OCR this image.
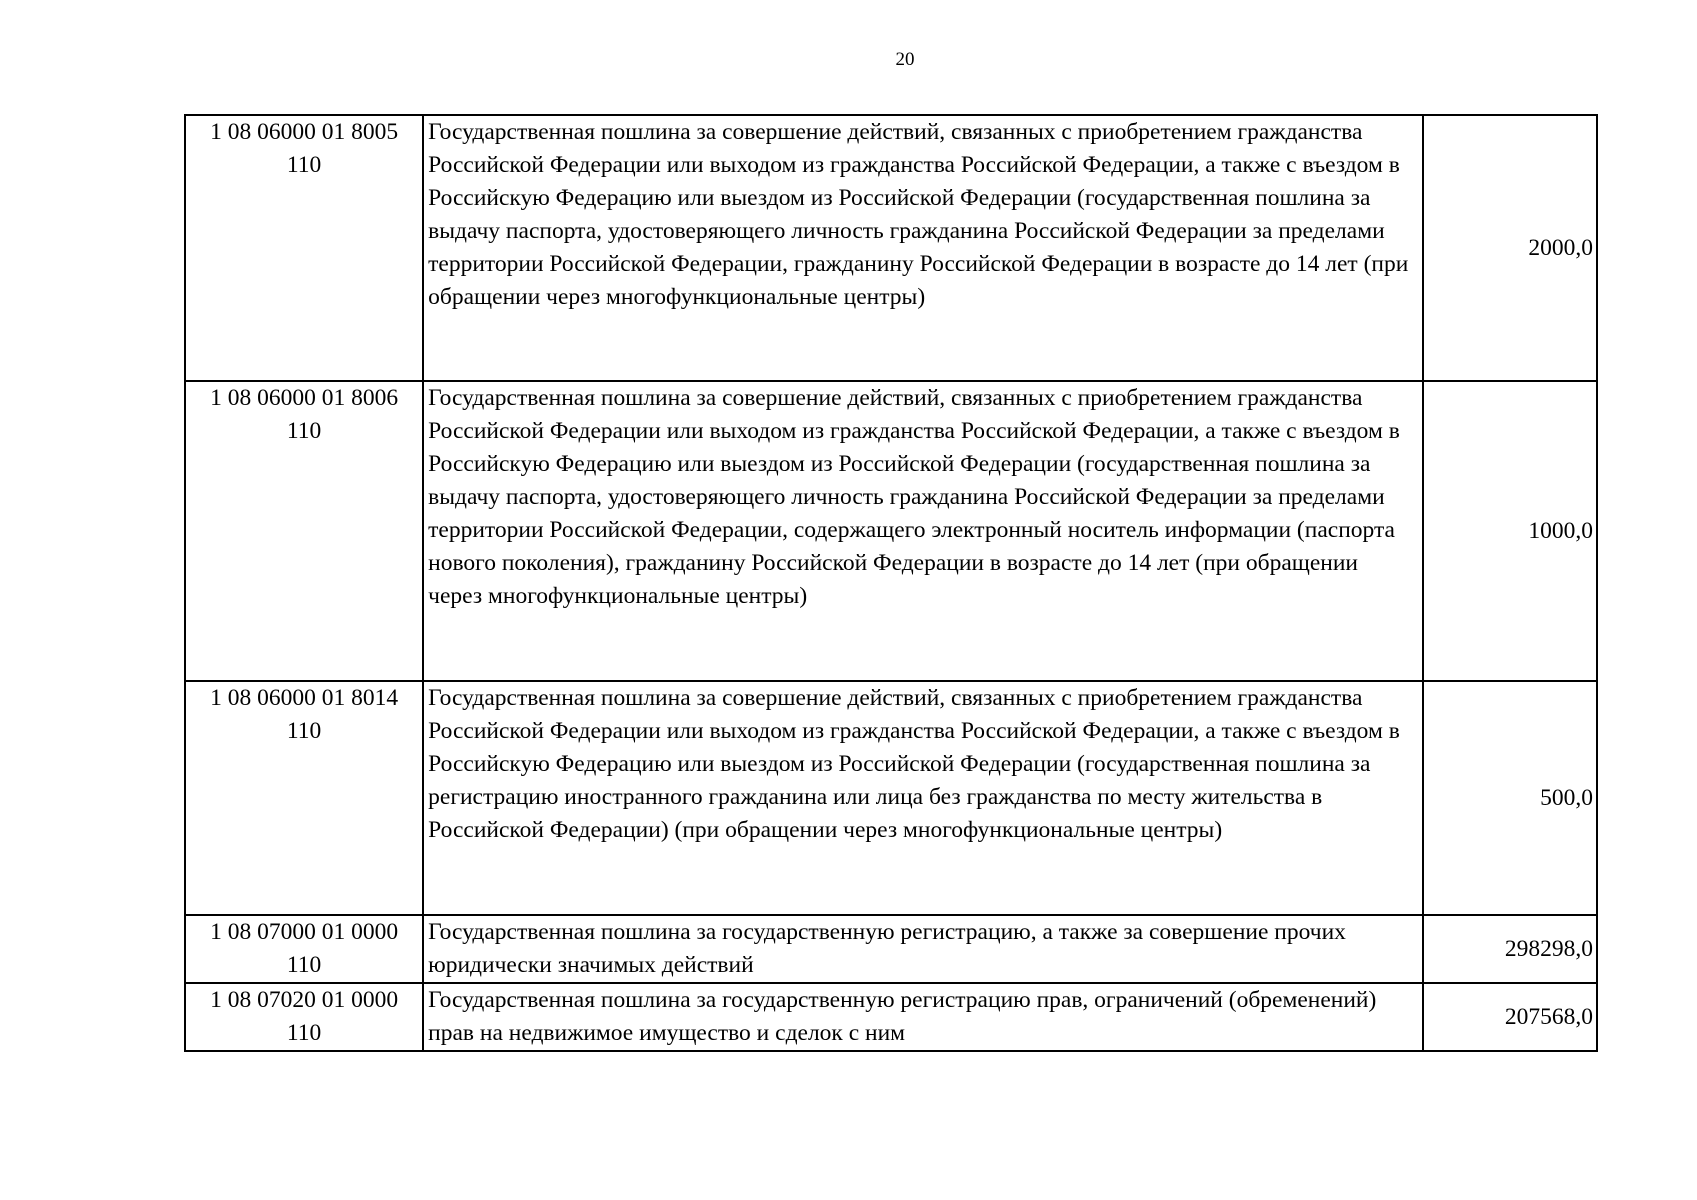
20
1 08 06000 01 8005 110	Государственная пошлина за совершение действий, связанных с приобретением гражданства Российской Федерации или выходом из гражданства Российской Федерации, а также с въездом в Российскую Федерацию или выездом из Российской Федерации (государственная пошлина за выдачу паспорта, удостоверяющего личность гражданина Российской Федерации за пределами территории Российской Федерации, гражданину Российской Федерации в возрасте до 14 лет (при обращении через многофункциональные центры)	2000,0
1 08 06000 01 8006 110	Государственная пошлина за совершение действий, связанных с приобретением гражданства Российской Федерации или выходом из гражданства Российской Федерации, а также с въездом в Российскую Федерацию или выездом из Российской Федерации (государственная пошлина за выдачу паспорта, удостоверяющего личность гражданина Российской Федерации за пределами территории Российской Федерации, содержащего электронный носитель информации (паспорта нового поколения), гражданину Российской Федерации в возрасте до 14 лет (при обращении через многофункциональные центры)	1000,0
1 08 06000 01 8014 110	Государственная пошлина за совершение действий, связанных с приобретением гражданства Российской Федерации или выходом из гражданства Российской Федерации, а также с въездом в Российскую Федерацию или выездом из Российской Федерации (государственная пошлина за регистрацию иностранного гражданина или лица без гражданства по месту жительства в Российской Федерации) (при обращении через многофункциональные центры)	500,0
1 08 07000 01 0000 110	Государственная пошлина за государственную регистрацию, а также за совершение прочих юридически значимых действий	298298,0
1 08 07020 01 0000 110	Государственная пошлина за государственную регистрацию прав, ограничений (обременений) прав на недвижимое имущество и сделок с ним	207568,0
